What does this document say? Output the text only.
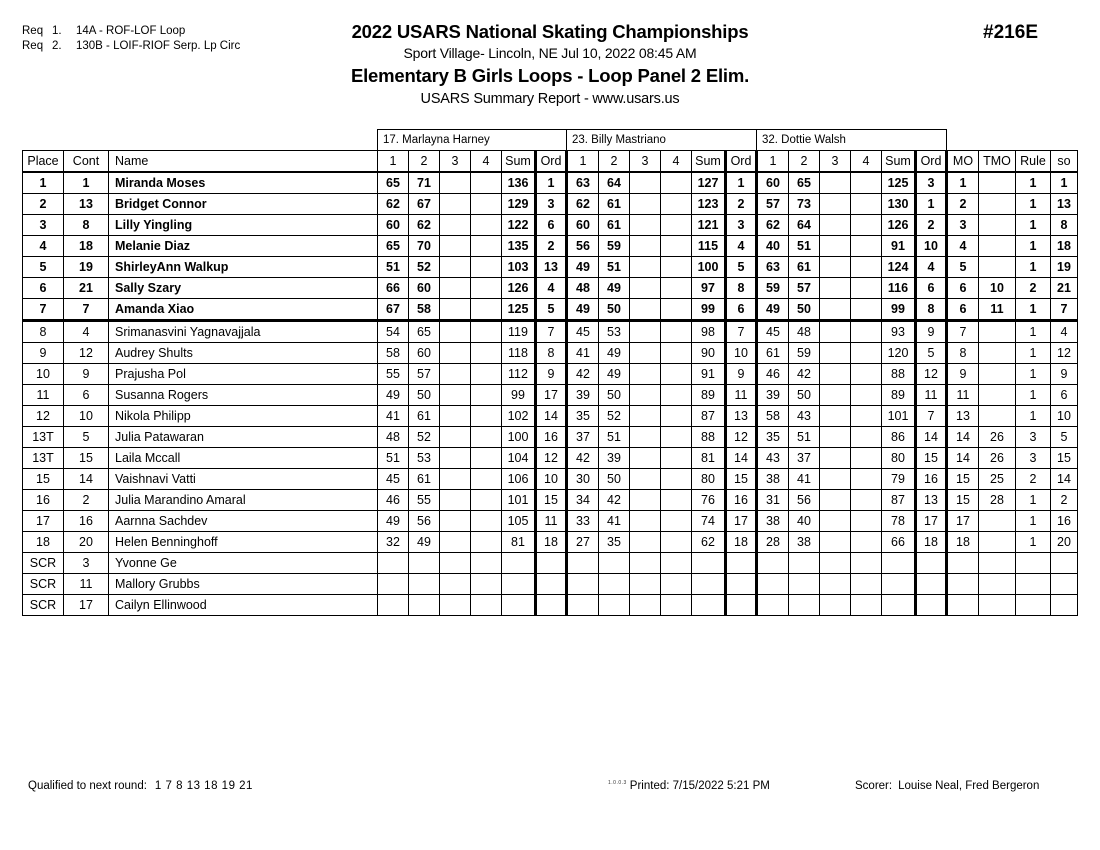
Req 1. 14A - ROF-LOF Loop
Req 2. 130B - LOIF-RIOF Serp. Lp Circ
2022 USARS National Skating Championships
Sport Village- Lincoln, NE Jul 10, 2022 08:45 AM
Elementary B Girls Loops - Loop Panel 2 Elim.
USARS Summary Report - www.usars.us
#216E
			17. Marlayna Harney						23. Billy Mastriano						32. Dottie Walsh									
Place	Cont	Name	1	2	3	4	Sum	Ord	1	2	3	4	Sum	Ord	1	2	3	4	Sum	Ord	MO	TMO	Rule	so
1	1	Miranda Moses	65	71			136	1	63	64			127	1	60	65			125	3	1		1	1
2	13	Bridget Connor	62	67			129	3	62	61			123	2	57	73			130	1	2		1	13
3	8	Lilly Yingling	60	62			122	6	60	61			121	3	62	64			126	2	3		1	8
4	18	Melanie Diaz	65	70			135	2	56	59			115	4	40	51			91	10	4		1	18
5	19	ShirleyAnn Walkup	51	52			103	13	49	51			100	5	63	61			124	4	5		1	19
6	21	Sally Szary	66	60			126	4	48	49			97	8	59	57			116	6	6	10	2	21
7	7	Amanda Xiao	67	58			125	5	49	50			99	6	49	50			99	8	6	11	1	7
8	4	Srimanasvini Yagnavajjala	54	65			119	7	45	53			98	7	45	48			93	9	7		1	4
9	12	Audrey Shults	58	60			118	8	41	49			90	10	61	59			120	5	8		1	12
10	9	Prajusha Pol	55	57			112	9	42	49			91	9	46	42			88	12	9		1	9
11	6	Susanna Rogers	49	50			99	17	39	50			89	11	39	50			89	11	11		1	6
12	10	Nikola Philipp	41	61			102	14	35	52			87	13	58	43			101	7	13		1	10
13T	5	Julia Patawaran	48	52			100	16	37	51			88	12	35	51			86	14	14	26	3	5
13T	15	Laila Mccall	51	53			104	12	42	39			81	14	43	37			80	15	14	26	3	15
15	14	Vaishnavi Vatti	45	61			106	10	30	50			80	15	38	41			79	16	15	25	2	14
16	2	Julia Marandino Amaral	46	55			101	15	34	42			76	16	31	56			87	13	15	28	1	2
17	16	Aarnna Sachdev	49	56			105	11	33	41			74	17	38	40			78	17	17		1	16
18	20	Helen Benninghoff	32	49			81	18	27	35			62	18	28	38			66	18	18		1	20
SCR	3	Yvonne Ge																						
SCR	11	Mallory Grubbs																						
SCR	17	Cailyn Ellinwood																						
Qualified to next round: 1 7 8 13 18 19 21	$^{1.0.0.3}$ Printed: 7/15/2022 5:21 PM	Scorer: Louise Neal, Fred Bergeron
